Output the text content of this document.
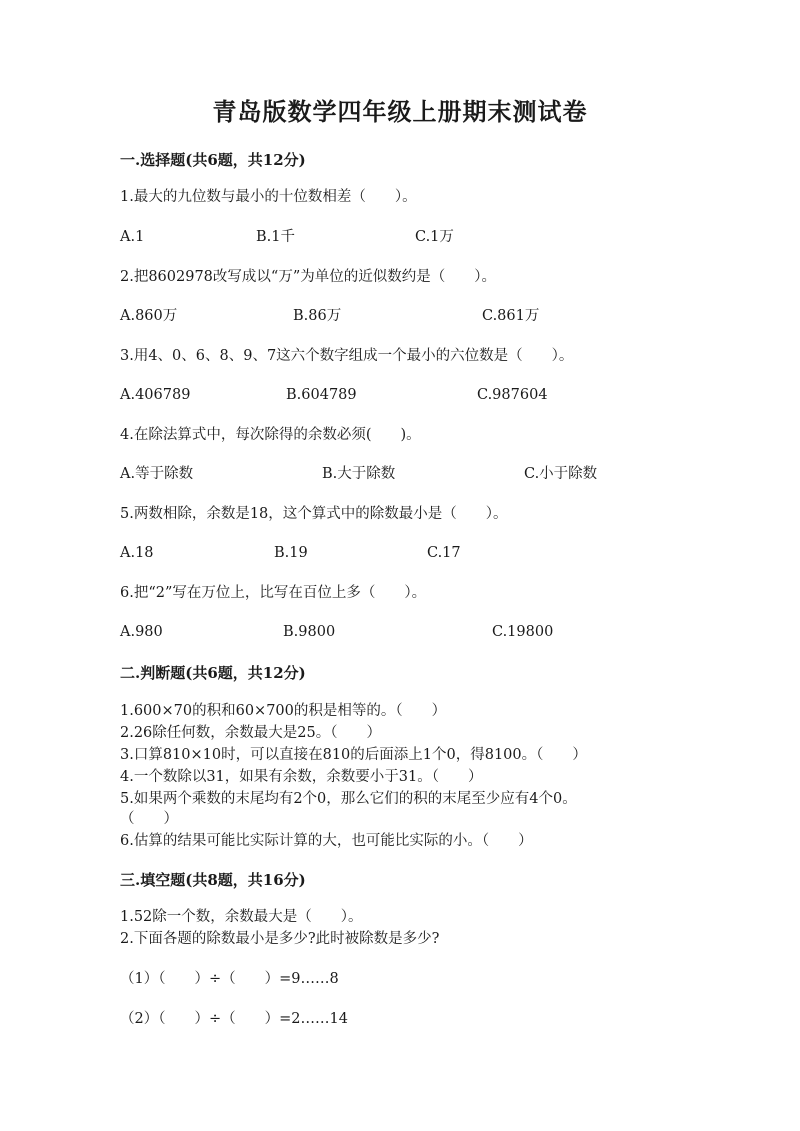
青岛版数学四年级上册期末测试卷
一.选择题(共6题，共12分)
1.最大的九位数与最小的十位数相差（　　）。
A.1	B.1千	C.1万
2.把8602978改写成以“万”为单位的近似数约是（　　）。
A.860万	B.86万	C.861万
3.用4、0、6、8、9、7这六个数字组成一个最小的六位数是（　　）。
A.406789	B.604789	C.987604
4.在除法算式中，每次除得的余数必须(　　)。
A.等于除数	B.大于除数	C.小于除数
5.两数相除，余数是18，这个算式中的除数最小是（　　）。
A.18	B.19	C.17
6.把“2”写在万位上，比写在百位上多（　　）。
A.980	B.9800	C.19800
二.判断题(共6题，共12分)
1.600×70的积和60×700的积是相等的。（　　）
2.26除任何数，余数最大是25。（　　）
3.口算810×10时，可以直接在810的后面添上1个0，得8100。（　　）
4.一个数除以31，如果有余数，余数要小于31。（　　）
5.如果两个乘数的末尾均有2个0，那么它们的积的末尾至少应有4个0。
（　　）
6.估算的结果可能比实际计算的大，也可能比实际的小。（　　）
三.填空题(共8题，共16分)
1.52除一个数，余数最大是（　　）。
2.下面各题的除数最小是多少?此时被除数是多少?
（1）（　　）÷（　　）=9……8
（2）（　　）÷（　　）=2……14
